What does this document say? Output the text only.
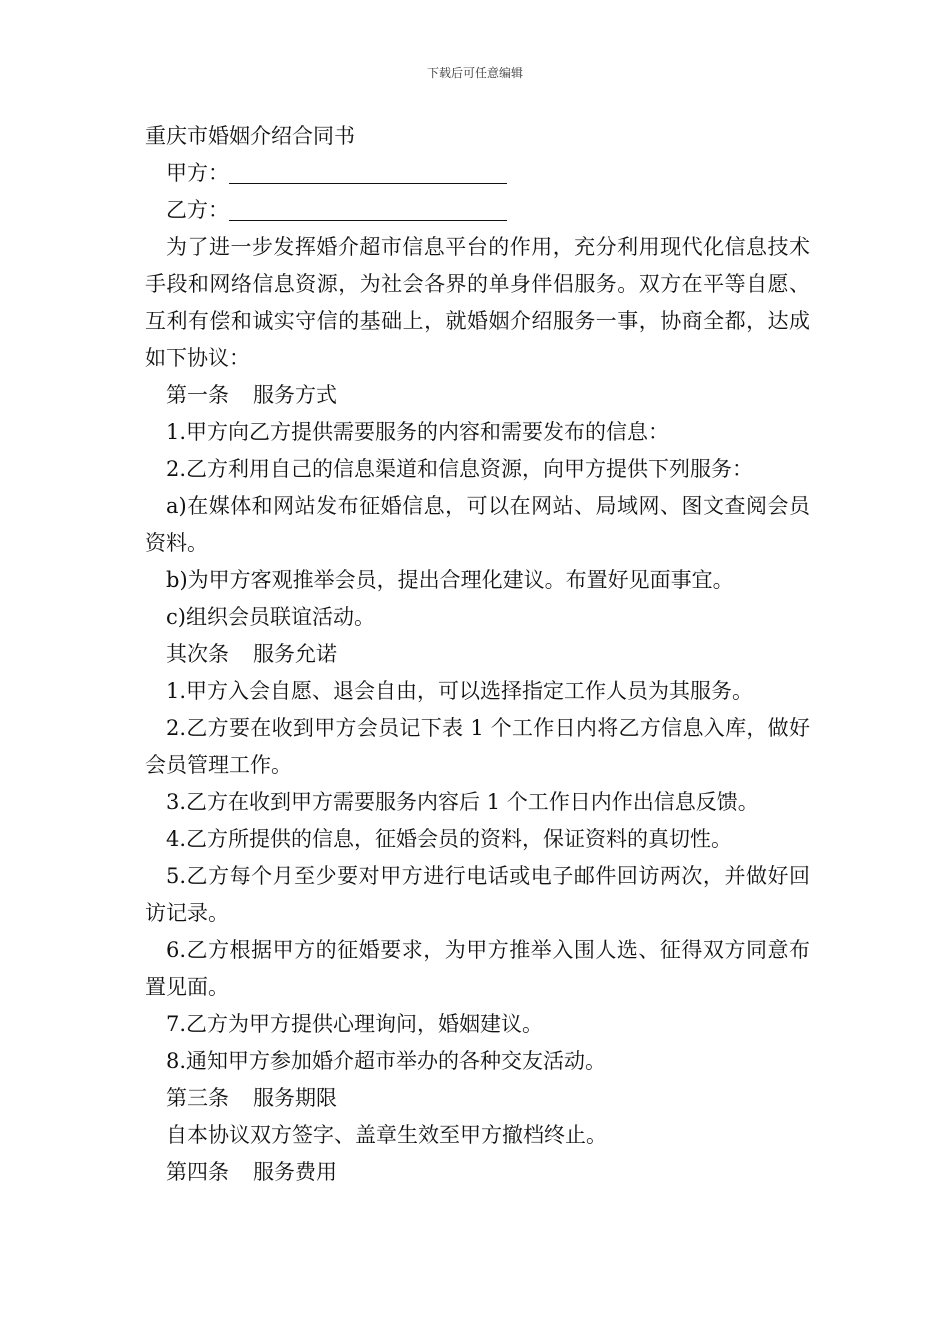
下载后可任意编辑
重庆市婚姻介绍合同书
甲方：
乙方：
为了进一步发挥婚介超市信息平台的作用，充分利用现代化信息技术手段和网络信息资源，为社会各界的单身伴侣服务。双方在平等自愿、互利有偿和诚实守信的基础上，就婚姻介绍服务一事，协商全都，达成如下协议：
第一条 服务方式
1.甲方向乙方提供需要服务的内容和需要发布的信息：
2.乙方利用自己的信息渠道和信息资源，向甲方提供下列服务：
a)在媒体和网站发布征婚信息，可以在网站、局域网、图文查阅会员资料。
b)为甲方客观推举会员，提出合理化建议。布置好见面事宜。
c)组织会员联谊活动。
其次条 服务允诺
1.甲方入会自愿、退会自由，可以选择指定工作人员为其服务。
2.乙方要在收到甲方会员记下表 1 个工作日内将乙方信息入库，做好会员管理工作。
3.乙方在收到甲方需要服务内容后 1 个工作日内作出信息反馈。
4.乙方所提供的信息，征婚会员的资料，保证资料的真切性。
5.乙方每个月至少要对甲方进行电话或电子邮件回访两次，并做好回访记录。
6.乙方根据甲方的征婚要求，为甲方推举入围人选、征得双方同意布置见面。
7.乙方为甲方提供心理询问，婚姻建议。
8.通知甲方参加婚介超市举办的各种交友活动。
第三条 服务期限
自本协议双方签字、盖章生效至甲方撤档终止。
第四条 服务费用
